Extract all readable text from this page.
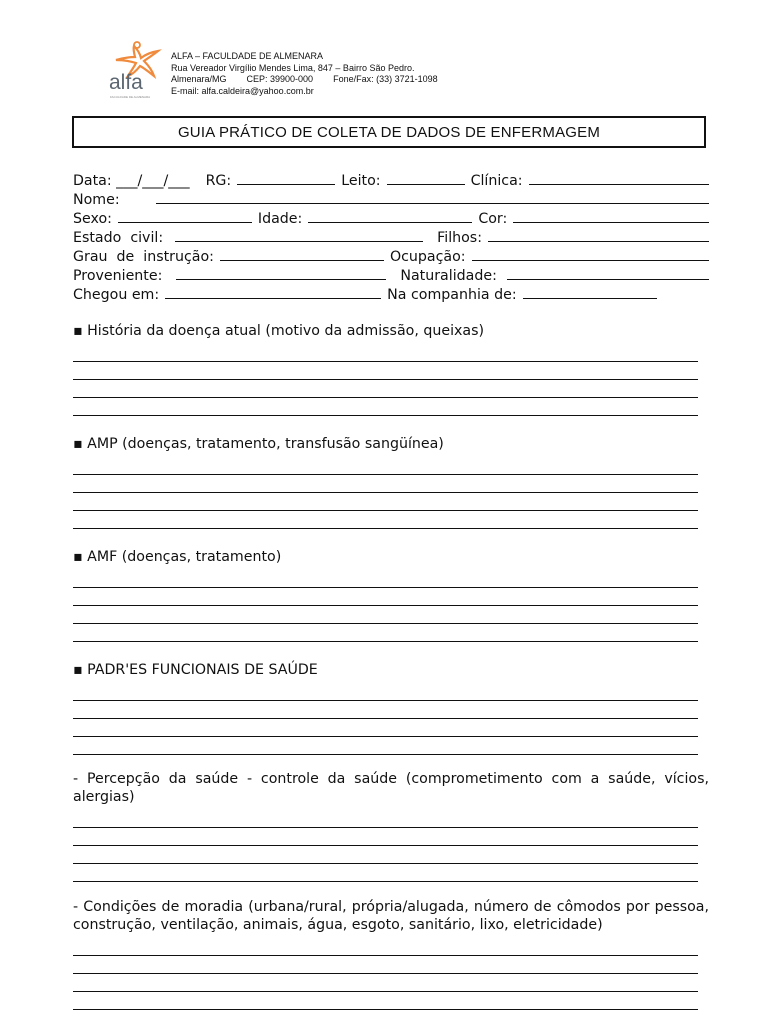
alfa
FACULDADE DE ALMENARA
ALFA – FACULDADE DE ALMENARA
Rua Vereador Virgílio Mendes Lima, 847 – Bairro São Pedro.
Almenara/MG        CEP: 39900-000        Fone/Fax: (33) 3721-1098
E-mail: alfa.caldeira@yahoo.com.br
GUIA PRÁTICO DE COLETA DE DADOS DE ENFERMAGEM
Data: ___/___/___ RG:	Leito:	Clínica:
Nome:
Sexo:	Idade:	Cor:
Estado  civil:	Filhos:
Grau  de  instrução:	Ocupação:
Proveniente:	Naturalidade:
Chegou em:	Na companhia de:
▪ História da doença atual (motivo da admissão, queixas)
▪ AMP (doenças, tratamento, transfusão sangüínea)
▪ AMF (doenças, tratamento)
▪ PADR'ES FUNCIONAIS DE SAÚDE
- Percepção da saúde - controle da saúde (comprometimento com a saúde, vícios, alergias)
- Condições de moradia (urbana/rural, própria/alugada, número de cômodos por pessoa, construção, ventilação, animais, água, esgoto, sanitário, lixo, eletricidade)
